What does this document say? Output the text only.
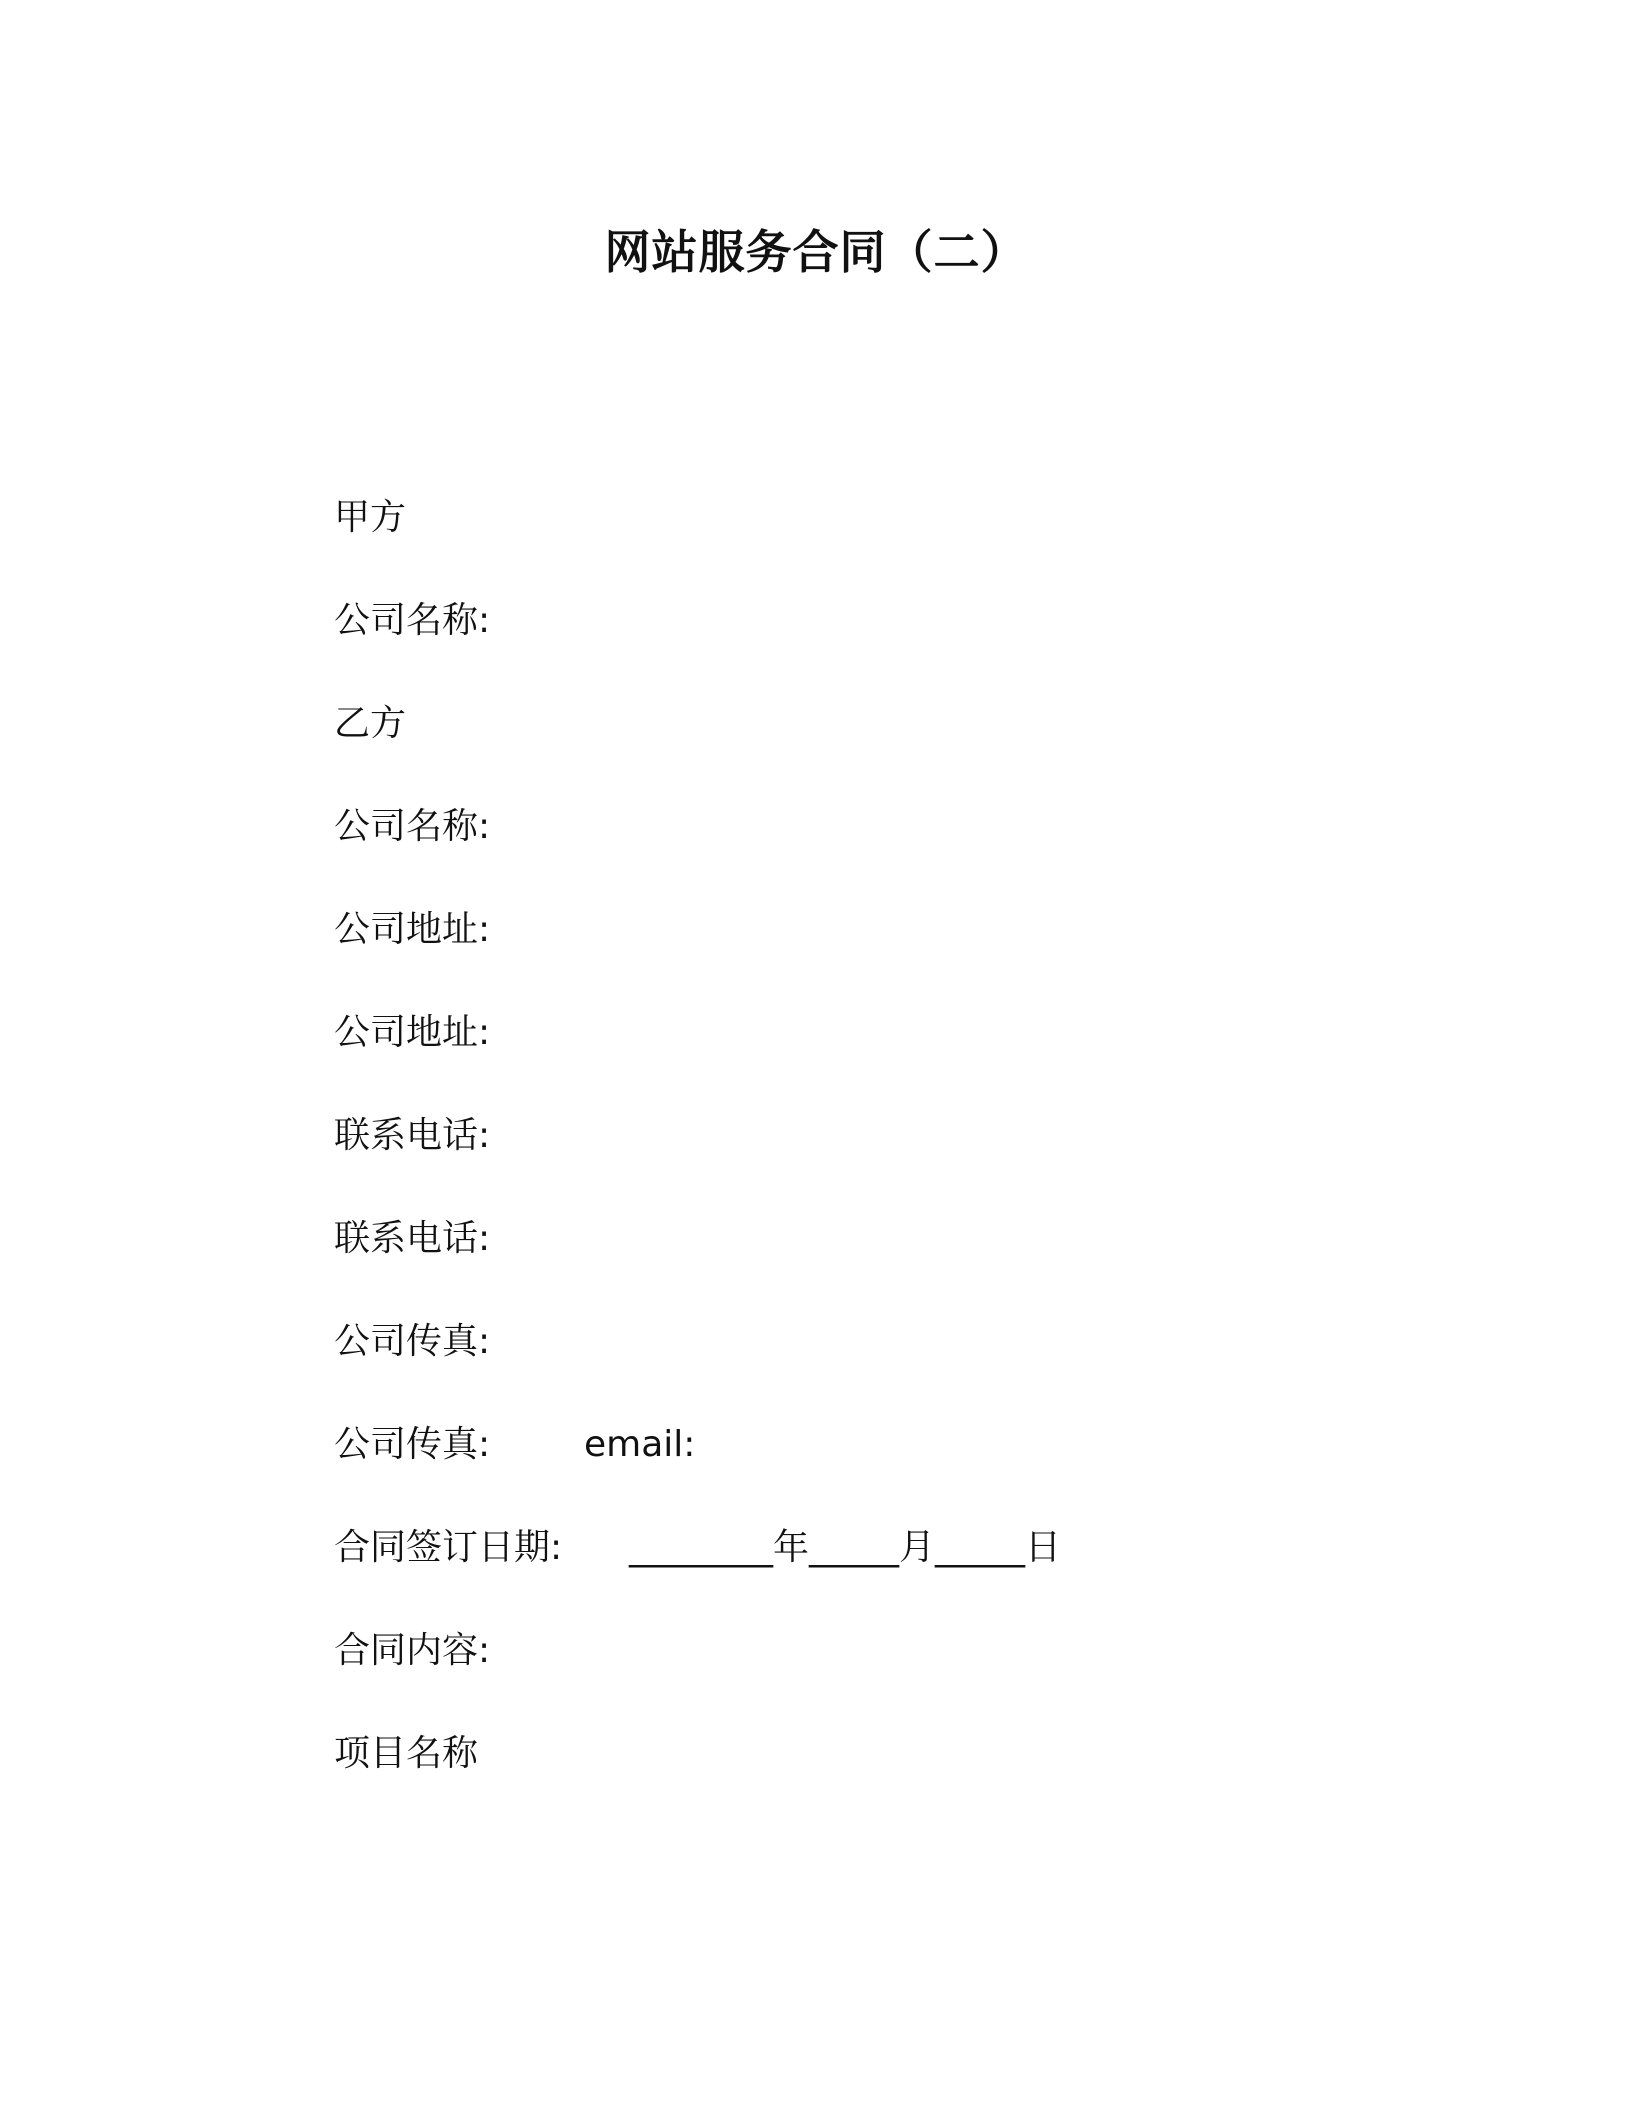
网站服务合同（二）
甲方
公司名称:
乙方
公司名称:
公司地址:
公司地址:
联系电话:
联系电话:
公司传真:
公司传真:	email:
合同签订日期: ________年_____月_____日
合同内容:
项目名称
